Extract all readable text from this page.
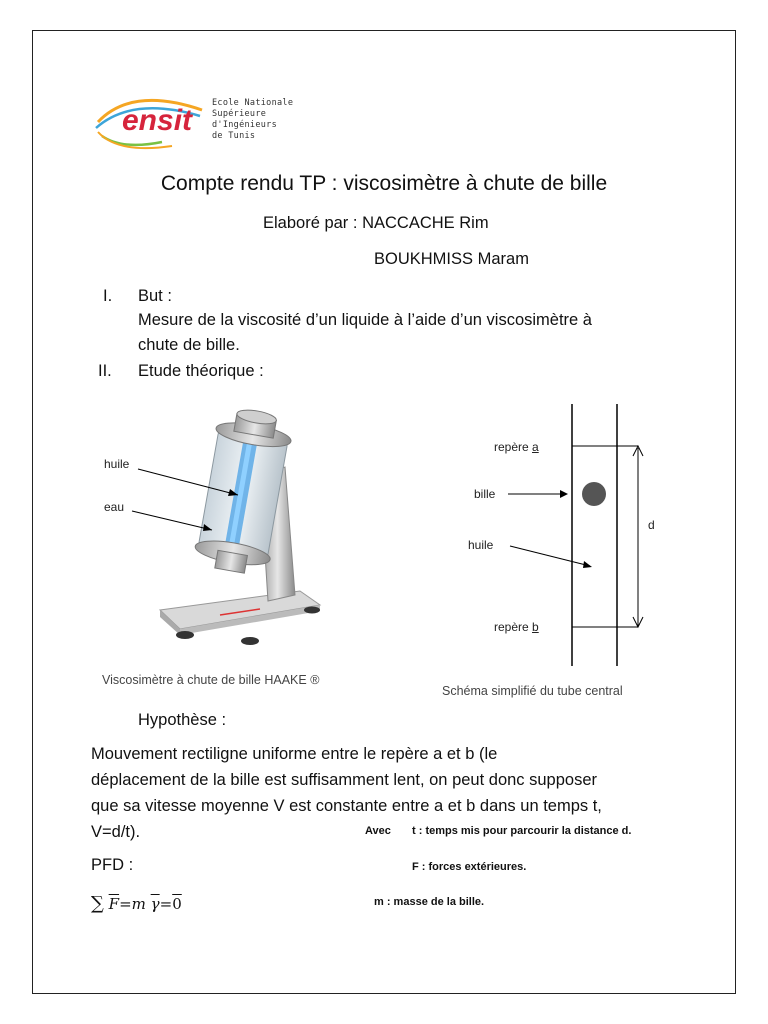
ensit
Ecole Nationale
Supérieure
d'Ingénieurs
de Tunis
Compte rendu TP : viscosimètre à chute de bille
Elaboré par : NACCACHE Rim
BOUKHMISS Maram
I. But :
Mesure de la viscosité d’un liquide à l’aide d’un viscosimètre à
chute de bille.
II. Etude théorique :
huile
eau
Viscosimètre à chute de bille HAAKE ®
repère a
bille
huile
repère b
d
Schéma simplifié du tube central
Hypothèse :
Mouvement rectiligne uniforme entre le repère a et b (le
déplacement de la bille est suffisamment lent, on peut donc supposer
que sa vitesse moyenne V est constante entre a et b dans un temps t,
V=d/t).	Avec t : temps mis pour parcourir la distance d.
PFD :	F : forces extérieures.
∑ $\overline{F}=m$ $\overline{\gamma}=0$	m : masse de la bille.
